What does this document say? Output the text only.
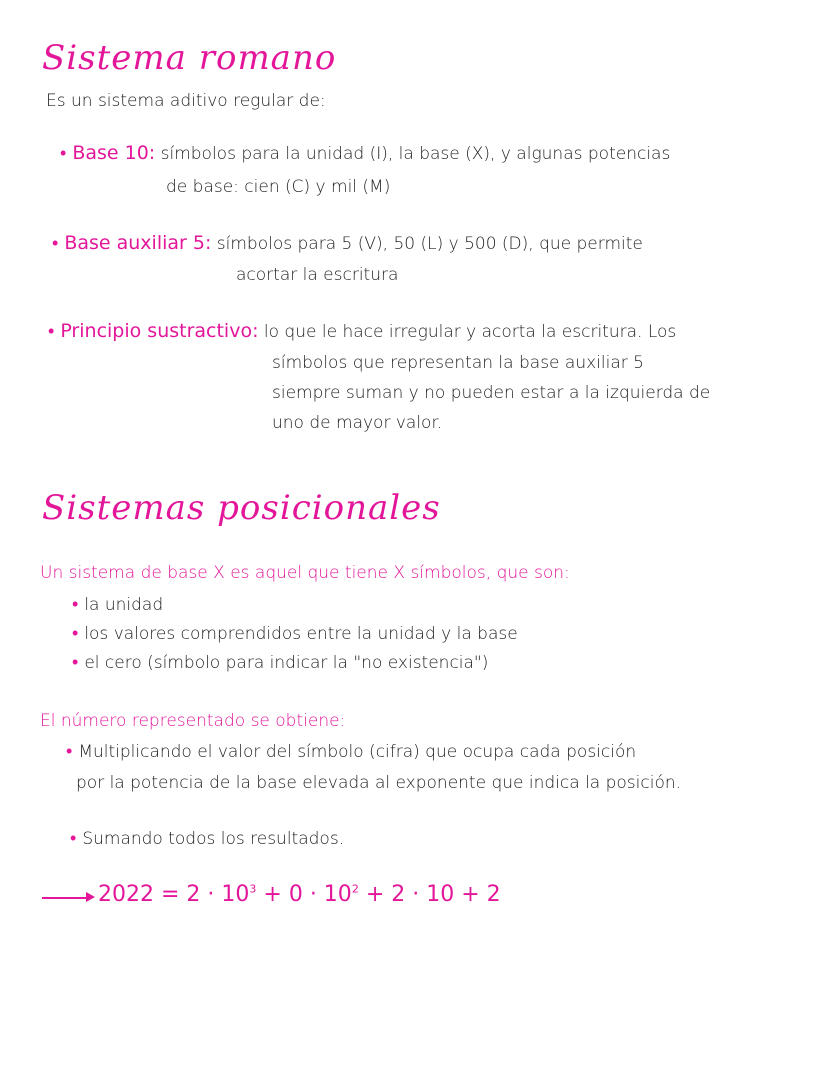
Sistema romano
Es un sistema aditivo regular de:
• Base 10: símbolos para la unidad (I), la base (X), y algunas potencias
de base: cien (C) y mil (M)
• Base auxiliar 5: símbolos para 5 (V), 50 (L) y 500 (D), que permite
acortar la escritura
• Principio sustractivo: lo que le hace irregular y acorta la escritura. Los
símbolos que representan la base auxiliar 5
siempre suman y no pueden estar a la izquierda de
uno de mayor valor.
Sistemas posicionales
Un sistema de base X es aquel que tiene X símbolos, que son:
• la unidad
• los valores comprendidos entre la unidad y la base
• el cero (símbolo para indicar la "no existencia")
El número representado se obtiene:
• Multiplicando el valor del símbolo (cifra) que ocupa cada posición
por la potencia de la base elevada al exponente que indica la posición.
• Sumando todos los resultados.
$2022 = 2 \cdot 10^3 + 0 \cdot 10^2 + 2 \cdot 10 + 2$
